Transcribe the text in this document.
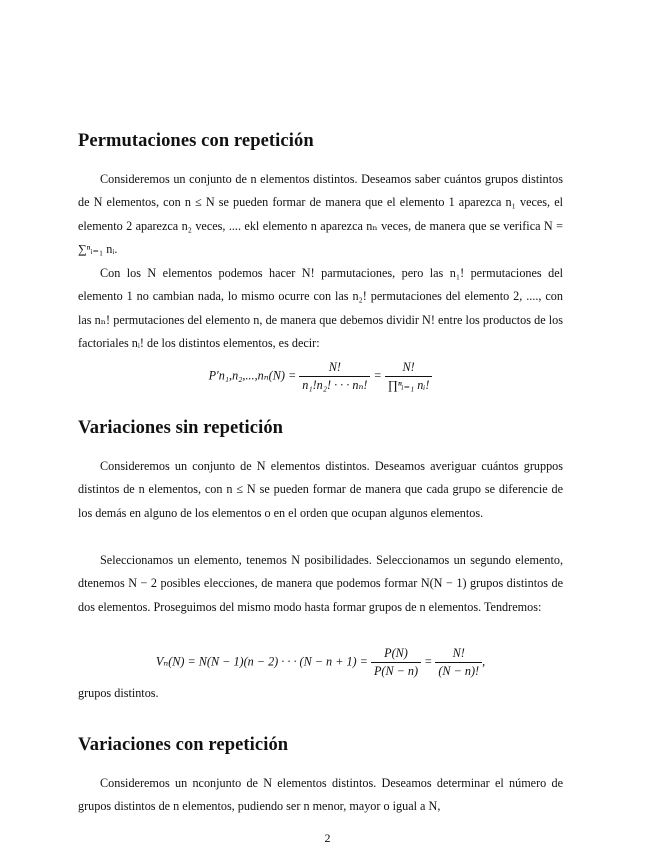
Permutaciones con repetición

Consideremos un conjunto de n elementos distintos. Deseamos saber cuántos grupos distintos de N elementos, con n ≤ N se pueden formar de manera que el elemento 1 aparezca n₁ veces, el elemento 2 aparezca n₂ veces, .... ekl elemento n aparezca nₙ veces, de manera que se verifica N = ∑ⁿᵢ₌₁ nᵢ.

Con los N elementos podemos hacer N! parmutaciones, pero las n₁! permutaciones del elemento 1 no cambian nada, lo mismo ocurre con las n₂! permutaciones del elemento 2, ...., con las nₙ! permutaciones del elemento n, de manera que debemos dividir N! entre los productos de los factoriales nᵢ! de los distintos elementos, es decir:

$P'n_1,n_2,...,n_n(N) = \frac{N!}{\text{n₁!n₂! · · · nₙ!}} = \frac{N!}{\text{∏ⁿᵢ₌₁ nᵢ!}}$
Variaciones sin repetición

Consideremos un conjunto de N elementos distintos. Deseamos averiguar cuántos gruppos distintos de n elementos, con n ≤ N se pueden formar de manera que cada grupo se diferencie de los demás en alguno de los elementos o en el orden que ocupan algunos elementos.

Seleccionamos un elemento, tenemos N posibilidades. Seleccionamos un segundo elemento, dtenemos N − 2 posibles elecciones, de manera que podemos formar N(N − 1) grupos distintos de dos elementos. Proseguimos del mismo modo hasta formar grupos de n elementos. Tendremos:

Vₙ(N) = N(N − 1)(n − 2) · · · $(N - n + 1) = \frac{P(N)}{P(N - n)} = \frac{N!}{(N - n)!}$ ,

grupos distintos.

Variaciones con repetición

Consideremos un nconjunto de N elementos distintos. Deseamos determinar el número de grupos distintos de n elementos, pudiendo ser n menor, mayor o igual a N,

2
